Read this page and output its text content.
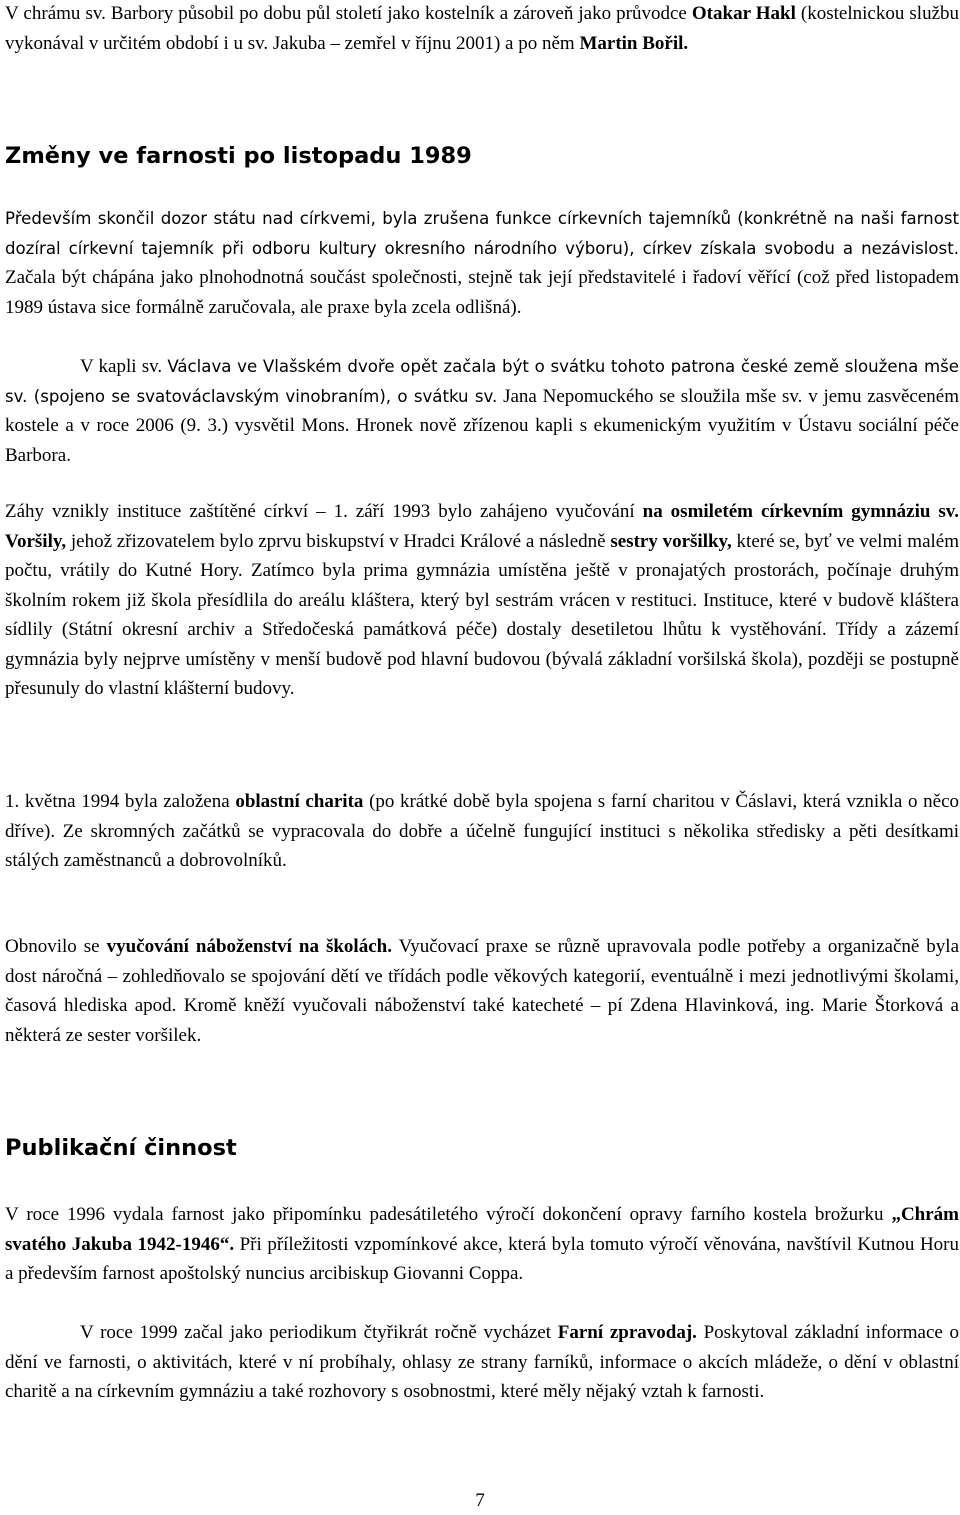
V chrámu sv. Barbory působil po dobu půl století jako kostelník a zároveň jako průvodce Otakar Hakl (kostelnickou službu vykonával v určitém období i u sv. Jakuba – zemřel v říjnu 2001) a po něm Martin Bořil.

Změny ve farnosti po listopadu 1989

Především skončil dozor státu nad církvemi, byla zrušena funkce církevních tajemníků (konkrétně na naši farnost dozíral církevní tajemník při odboru kultury okresního národního výboru), církev získala svobodu a nezávislost. Začala být chápána jako plnohodnotná součást společnosti, stejně tak její představitelé i řadoví věřící (což před listopadem 1989 ústava sice formálně zaručovala, ale praxe byla zcela odlišná).

V kapli sv. Václava ve Vlašském dvoře opět začala být o svátku tohoto patrona české země sloužena mše sv. (spojeno se svatováclavským vinobraním), o svátku sv. Jana Nepomuckého se sloužila mše sv. v jemu zasvěceném kostele a v roce 2006 (9. 3.) vysvětil Mons. Hronek nově zřízenou kapli s ekumenickým využitím v Ústavu sociální péče Barbora.

Záhy vznikly instituce zaštítěné církví – 1. září 1993 bylo zahájeno vyučování na osmiletém církevním gymnáziu sv. Voršily, jehož zřizovatelem bylo zprvu biskupství v Hradci Králové a následně sestry voršilky, které se, byť ve velmi malém počtu, vrátily do Kutné Hory. Zatímco byla prima gymnázia umístěna ještě v pronajatých prostorách, počínaje druhým školním rokem již škola přesídlila do areálu kláštera, který byl sestrám vrácen v restituci. Instituce, které v budově kláštera sídlily (Státní okresní archiv a Středočeská památková péče) dostaly desetiletou lhůtu k vystěhování. Třídy a zázemí gymnázia byly nejprve umístěny v menší budově pod hlavní budovou (bývalá základní voršilská škola), později se postupně přesunuly do vlastní klášterní budovy.

1. května 1994 byla založena oblastní charita (po krátké době byla spojena s farní charitou v Čáslavi, která vznikla o něco dříve). Ze skromných začátků se vypracovala do dobře a účelně fungující instituci s několika středisky a pěti desítkami stálých zaměstnanců a dobrovolníků.

Obnovilo se vyučování náboženství na školách. Vyučovací praxe se různě upravovala podle potřeby a organizačně byla dost náročná – zohledňovalo se spojování dětí ve třídách podle věkových kategorií, eventuálně i mezi jednotlivými školami, časová hlediska apod. Kromě kněží vyučovali náboženství také katecheté – pí Zdena Hlavinková, ing. Marie Štorková a některá ze sester voršilek.

Publikační činnost

V roce 1996 vydala farnost jako připomínku padesátiletého výročí dokončení opravy farního kostela brožurku „Chrám svatého Jakuba 1942-1946“. Při příležitosti vzpomínkové akce, která byla tomuto výročí věnována, navštívil Kutnou Horu a především farnost apoštolský nuncius arcibiskup Giovanni Coppa.

V roce 1999 začal jako periodikum čtyřikrát ročně vycházet Farní zpravodaj. Poskytoval základní informace o dění ve farnosti, o aktivitách, které v ní probíhaly, ohlasy ze strany farníků, informace o akcích mládeže, o dění v oblastní charitě a na církevním gymnáziu a také rozhovory s osobnostmi, které měly nějaký vztah k farnosti.

7
